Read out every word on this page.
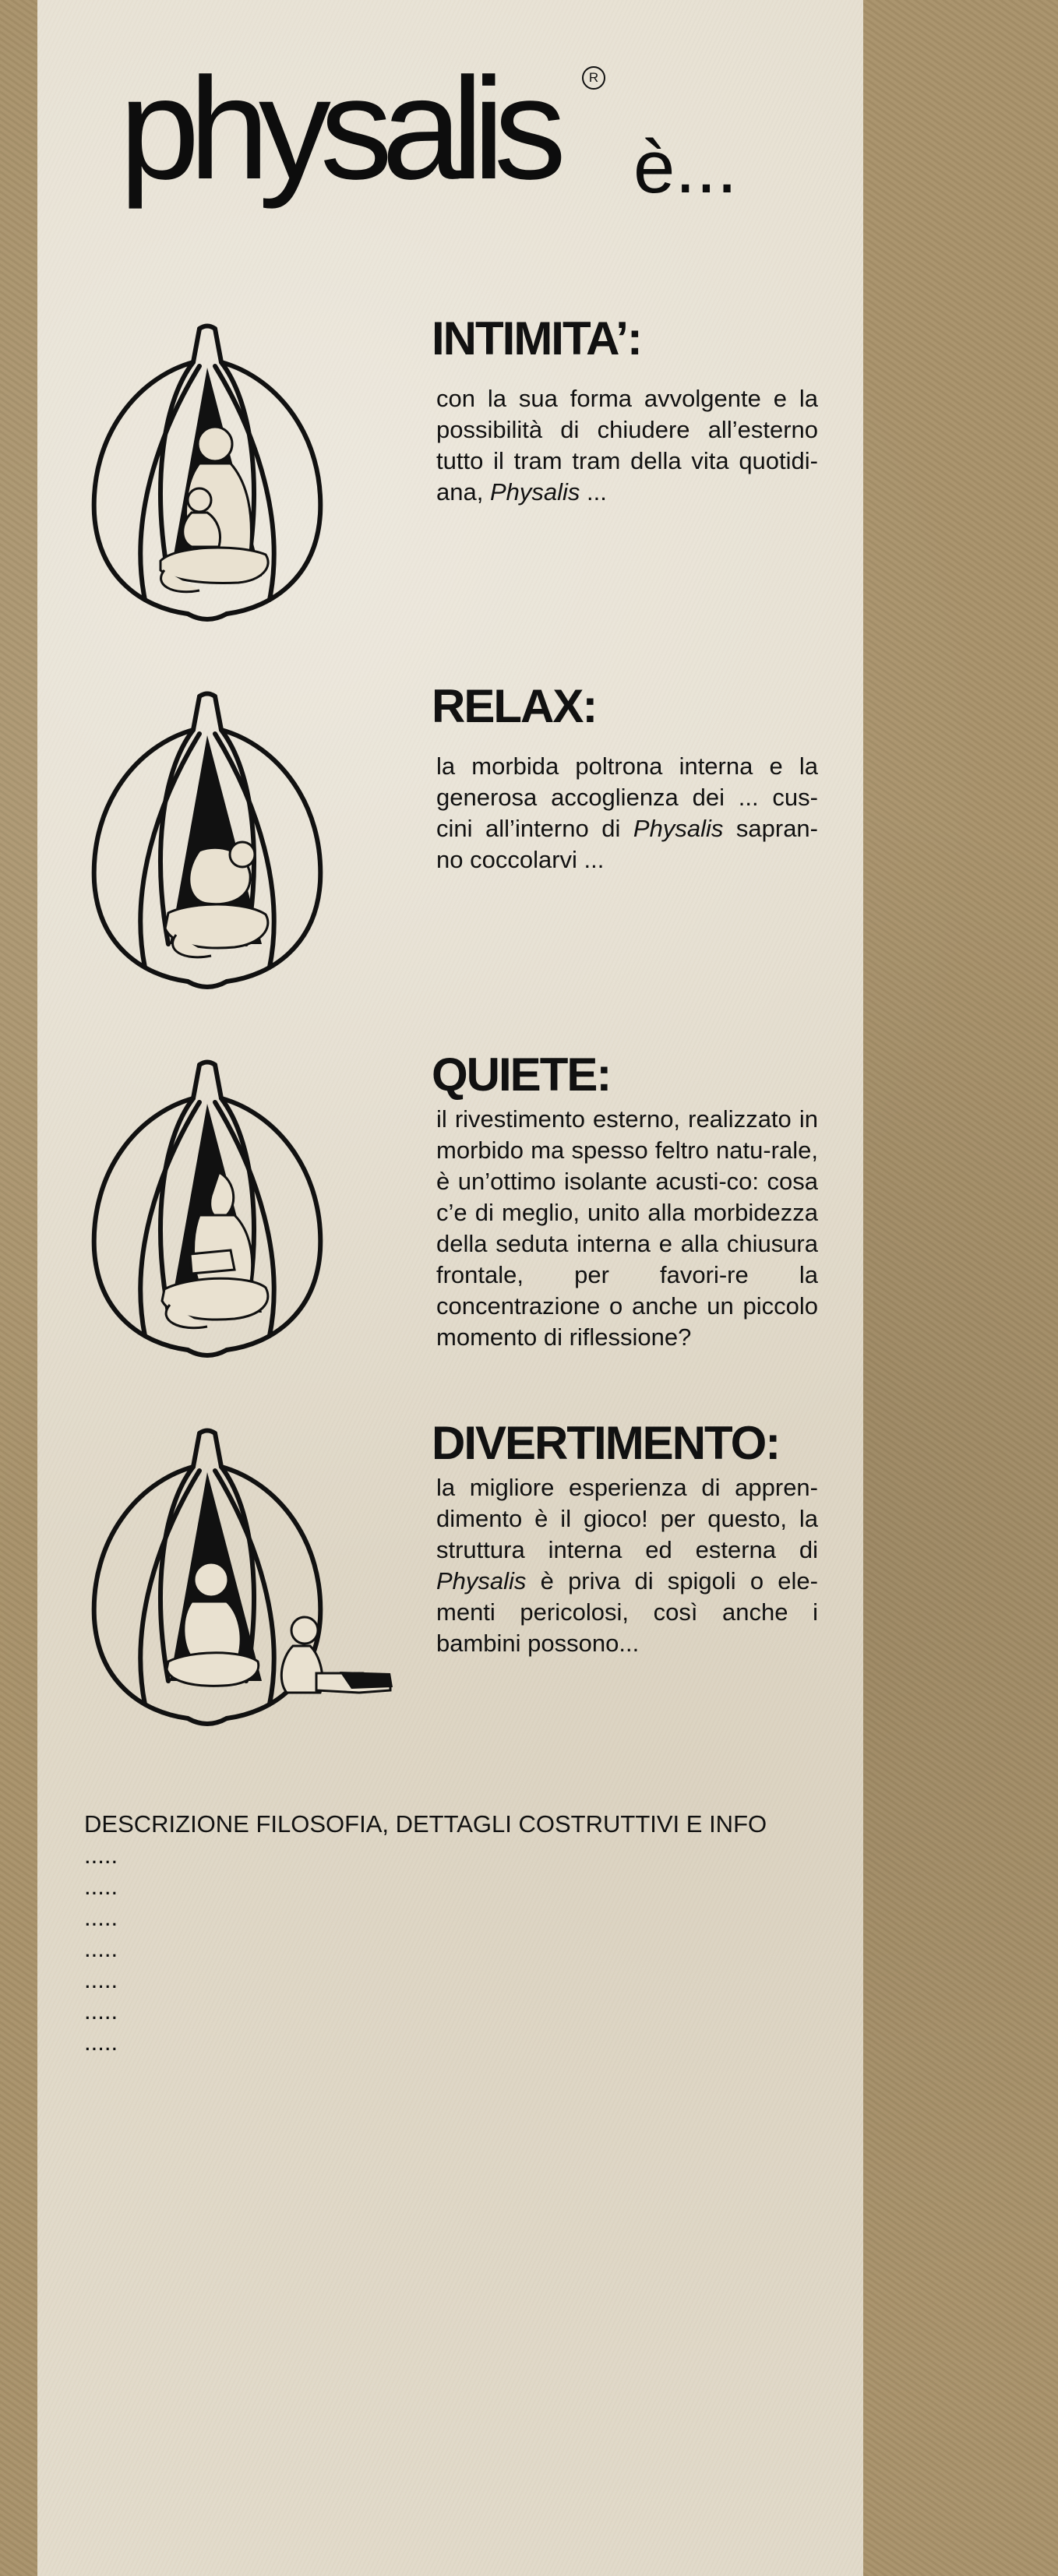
physalis	R
è...
INTIMITA’:

con la sua forma avvolgente e la possibilità di chiudere all’esterno tutto il tram tram della vita quotidi-ana, Physalis ...

RELAX:

la morbida poltrona interna e la generosa accoglienza dei ... cus-cini all’interno di Physalis sapran-no coccolarvi ...

QUIETE:

il rivestimento esterno, realizzato in morbido ma spesso feltro natu-rale, è un’ottimo isolante acusti-co: cosa c’e di meglio, unito alla morbidezza della seduta interna e alla chiusura frontale, per favori-re la concentrazione o anche un piccolo momento di riflessione?

DIVERTIMENTO:

la migliore esperienza di appren-dimento è il gioco! per questo, la struttura interna ed esterna di Physalis è priva di spigoli o ele-menti pericolosi, così anche i bambini possono...

DESCRIZIONE FILOSOFIA, DETTAGLI COSTRUTTIVI E INFO
.....
.....
.....
.....
.....
.....
.....
